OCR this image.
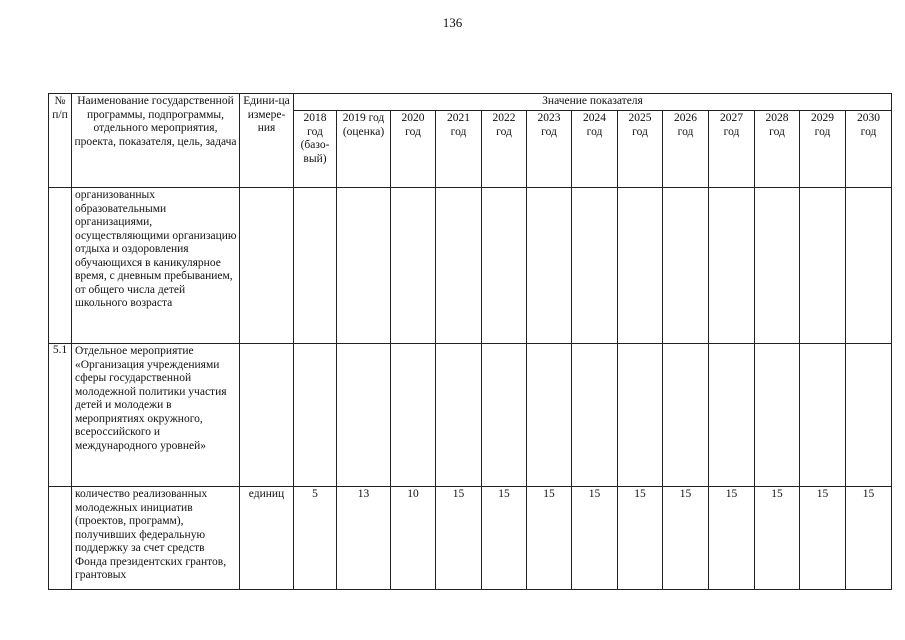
136
№ п/п	Наименование государственной программы, подпрограммы, отдельного мероприятия, проекта, показателя, цель, задача	Едини-ца измере-ния	Значение показателя												
			2018 год (базо-вый)	2019 год (оценка)	2020 год	2021 год	2022 год	2023 год	2024 год	2025 год	2026 год	2027 год	2028 год	2029 год	2030 год
	организованных образовательными организациями, осуществляющими организацию отдыха и оздоровления обучающихся в каникулярное время, с дневным пребыванием, от общего числа детей школьного возраста														
5.1	Отдельное мероприятие «Организация учреждениями сферы государственной молодежной политики участия детей и молодежи в мероприятиях окружного, всероссийского и международного уровней»														
	количество реализованных молодежных инициатив (проектов, программ), получивших федеральную поддержку за счет средств Фонда президентских грантов, грантовых	единиц	5	13	10	15	15	15	15	15	15	15	15	15	15
